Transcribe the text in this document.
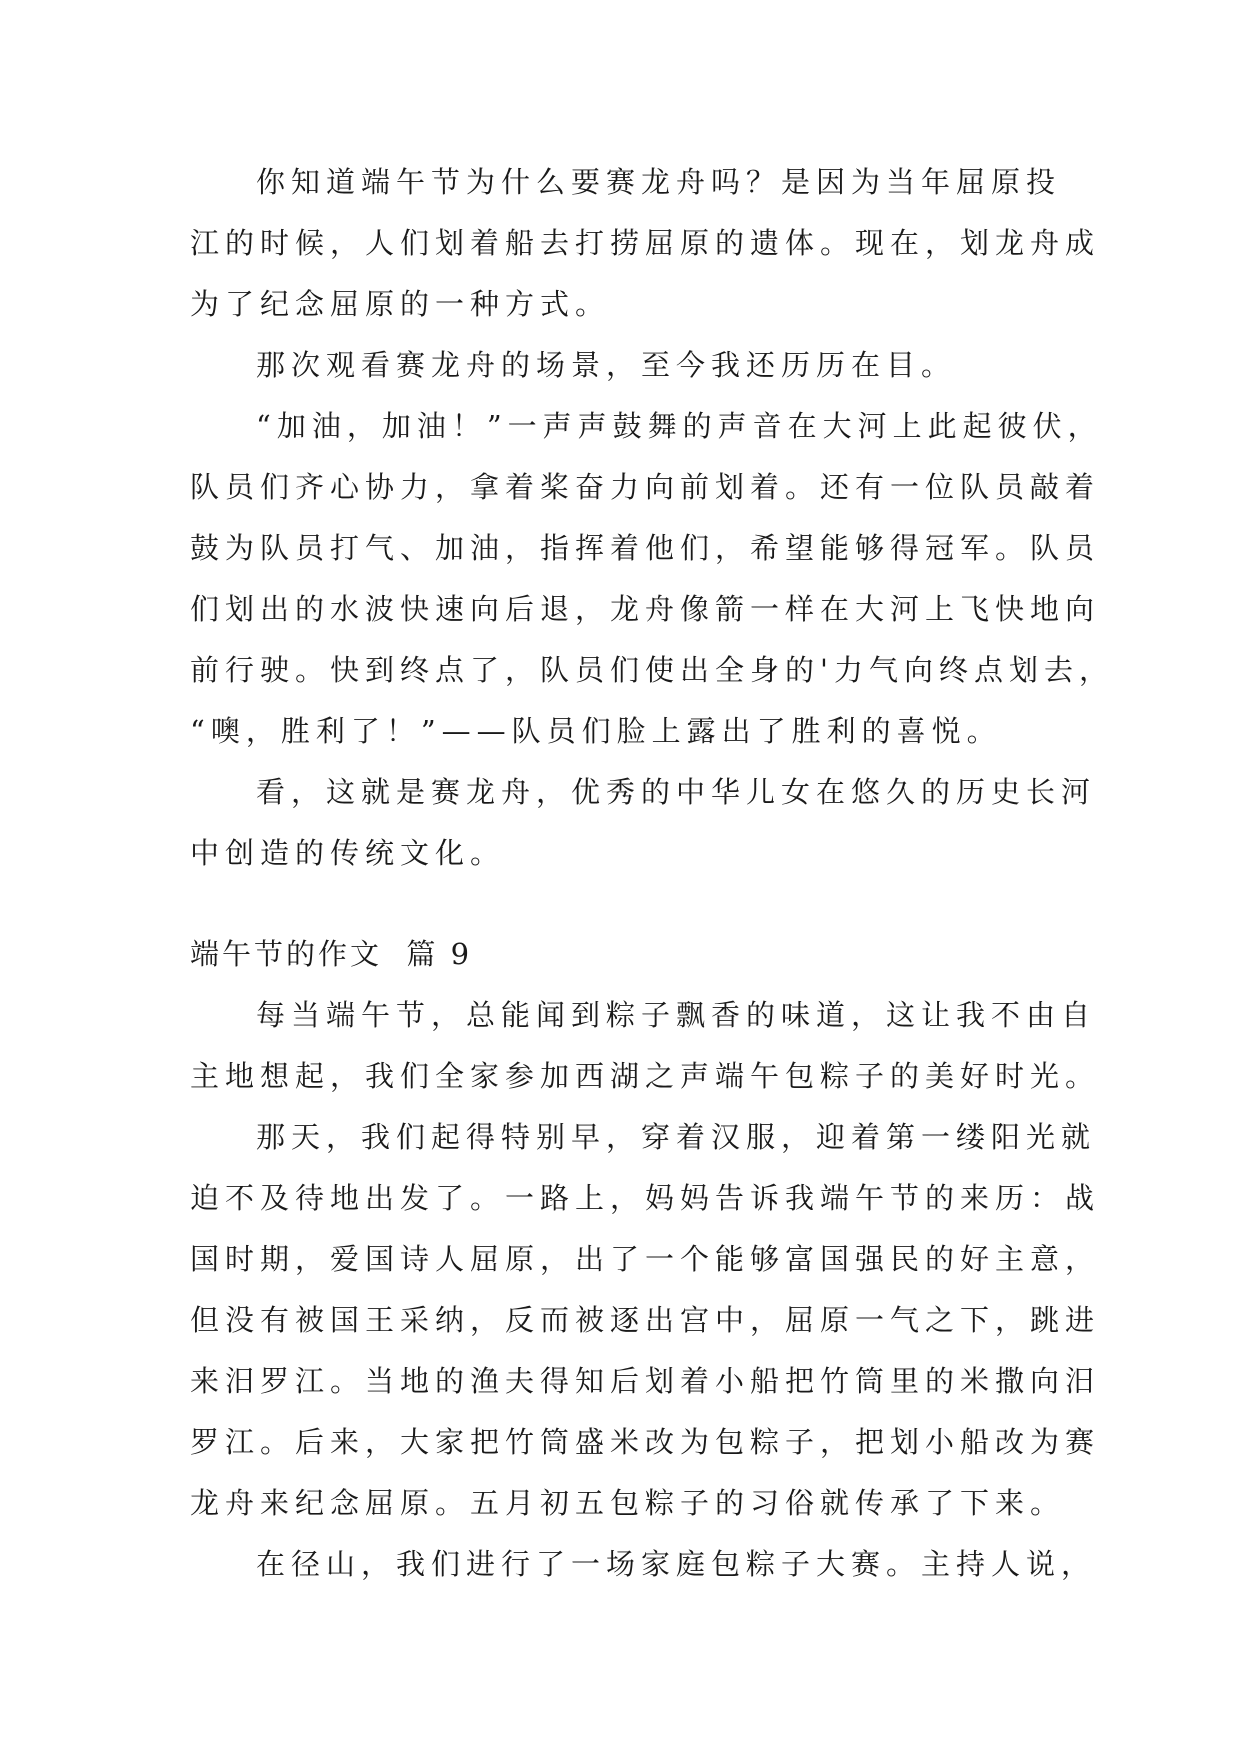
你知道端午节为什么要赛龙舟吗？是因为当年屈原投
江的时候，人们划着船去打捞屈原的遗体。现在，划龙舟成
为了纪念屈原的一种方式。
那次观看赛龙舟的场景，至今我还历历在目。
“加油，加油！”一声声鼓舞的声音在大河上此起彼伏，
队员们齐心协力，拿着桨奋力向前划着。还有一位队员敲着
鼓为队员打气、加油，指挥着他们，希望能够得冠军。队员
们划出的水波快速向后退，龙舟像箭一样在大河上飞快地向
前行驶。快到终点了，队员们使出全身的'力气向终点划去，
“噢，胜利了！”——队员们脸上露出了胜利的喜悦。
看，这就是赛龙舟，优秀的中华儿女在悠久的历史长河
中创造的传统文化。
端午节的作文  篇 9
每当端午节，总能闻到粽子飘香的味道，这让我不由自
主地想起，我们全家参加西湖之声端午包粽子的美好时光。
那天，我们起得特别早，穿着汉服，迎着第一缕阳光就
迫不及待地出发了。一路上，妈妈告诉我端午节的来历：战
国时期，爱国诗人屈原，出了一个能够富国强民的好主意，
但没有被国王采纳，反而被逐出宫中，屈原一气之下，跳进
来汨罗江。当地的渔夫得知后划着小船把竹筒里的米撒向汨
罗江。后来，大家把竹筒盛米改为包粽子，把划小船改为赛
龙舟来纪念屈原。五月初五包粽子的习俗就传承了下来。
在径山，我们进行了一场家庭包粽子大赛。主持人说，
